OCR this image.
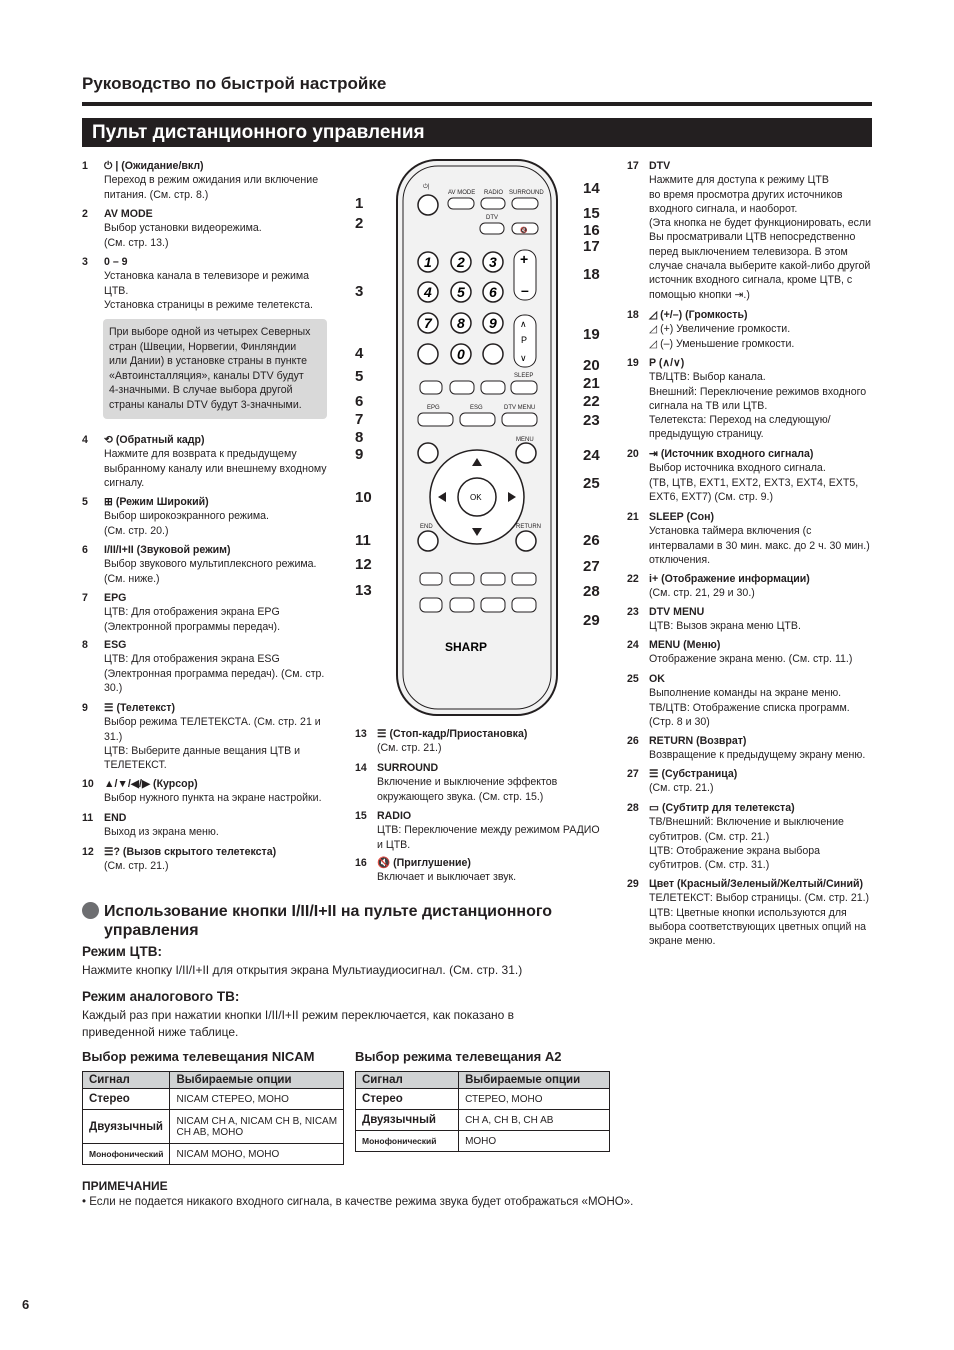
Руководство по быстрой настройке
Пульт дистанционного управления
1 ⏻ | (Ожидание/вкл)
Переход в режим ожидания или включение
питания. (См. стр. 8.)
2 AV MODE
Выбор установки видеорежима.
(См. стр. 13.)
3 0 – 9
Установка канала в телевизоре и режима
ЦТВ.
Установка страницы в режиме телетекста.
4 ⟲ (Обратный кадр)
Нажмите для возврата к предыдущему
выбранному каналу или внешнему входному
сигналу.
5 ⊞ (Режим Широкий)
Выбор широкоэкранного режима.
(См. стр. 20.)
6 I/II/I+II (Звуковой режим)
Выбор звукового мультиплексного режима.
(См. ниже.)
7 EPG
ЦТВ: Для отображения экрана EPG
(Электронной программы передач).
8 ESG
ЦТВ: Для отображения экрана ESG
(Электронная программа передач). (См. стр.
30.)
9 ☰ (Телетекст)
Выбор режима ТЕЛЕТЕКСТА. (См. стр. 21 и
31.)
ЦТВ: Выберите данные вещания ЦТВ и
ТЕЛЕТЕКСТ.
10 ▲/▼/◀/▶ (Курсор)
Выбор нужного пункта на экране настройки.
11 END
Выход из экрана меню.
12 ☰? (Вызов скрытого телетекста)
(См. стр. 21.)
При выборе одной из четырех Северных
стран (Швеции, Норвегии, Финляндии
или Дании) в установке страны в пункте
«Автоинсталляция», каналы DTV будут
4-значными. В случае выбора другой
страны каналы DTV будут 3-значными.
13 ☰ (Стоп-кадр/Приостановка)
(См. стр. 21.)
14 SURROUND
Включение и выключение эффектов
окружающего звука. (См. стр. 15.)
15 RADIO
ЦТВ: Переключение между режимом РАДИО
и ЦТВ.
16 🔇 (Приглушение)
Включает и выключает звук.
17 DTV
Нажмите для доступа к режиму ЦТВ
во время просмотра других источников
входного сигнала, и наоборот.
(Эта кнопка не будет функционировать, если
Вы просматривали ЦТВ непосредственно
перед выключением телевизора. В этом
случае сначала выберите какой-либо другой
источник входного сигнала, кроме ЦТВ, с
помощью кнопки ⇥.)
18 ◿ (+/–) (Громкость)
◿ (+) Увеличение громкости.
◿ (–) Уменьшение громкости.
19 P (∧/∨)
ТВ/ЦТВ: Выбор канала.
Внешний: Переключение режимов входного
сигнала на ТВ или ЦТВ.
Телетекста: Переход на следующую/
предыдущую страницу.
20 ⇥ (Источник входного сигнала)
Выбор источника входного сигнала.
(ТВ, ЦТВ, EXT1, EXT2, EXT3, EXT4, EXT5,
EXT6, EXT7) (См. стр. 9.)
21 SLEEP (Сон)
Установка таймера включения (с
интервалами в 30 мин. макс. до 2 ч. 30 мин.)
отключения.
22 i+ (Отображение информации)
(См. стр. 21, 29 и 30.)
23 DTV MENU
ЦТВ: Вызов экрана меню ЦТВ.
24 MENU (Меню)
Отображение экрана меню. (См. стр. 11.)
25 OK
Выполнение команды на экране меню.
ТВ/ЦТВ: Отображение списка программ.
(Стр. 8 и 30)
26 RETURN (Возврат)
Возвращение к предыдущему экрану меню.
27 ☰ (Субстраница)
(См. стр. 21.)
28 ▭ (Субтитр для телетекста)
ТВ/Внешний: Включение и выключение
субтитров. (См. стр. 21.)
ЦТВ: Отображение экрана выбора
субтитров. (См. стр. 31.)
29 Цвет (Красный/Зеленый/Желтый/Синий)
ТЕЛЕТЕКСТ: Выбор страницы. (См. стр. 21.)
ЦТВ: Цветные кнопки используются для
выбора соответствующих цветных опций на
экране меню.
⏻|
AV MODE RADIO SURROUND
DTV
🔇
1 2 3
4 5 6
7 8 9
0
+
–
∧
P
∨
SLEEP
EPG	ESG	DTV MENU
MENU
OK
END	RETURN
SHARP
1
2
3
4
5
6
7
8
9
10
11
12
13
14
15
16
17
18
19
20
21
22
23
24
25
26
27
28
29
Использование кнопки I/II/I+II на пульте дистанционного
управления
Режим ЦТВ:
Нажмите кнопку I/II/I+II для открытия экрана Мультиаудиосигнал. (См. стр. 31.)
Режим аналогового ТВ:
Каждый раз при нажатии кнопки I/II/I+II режим переключается, как показано в
приведенной ниже таблице.
Выбор режима телевещания NICAM
Сигнал	Выбираемые опции
Стерео	NICAM СТЕРЕО, МОНО
Двуязычный	NICAM CH A, NICAM CH B, NICAM
CH AB, МОНО
Монофонический	NICAM МОНО, МОНО
Выбор режима телевещания A2
Сигнал	Выбираемые опции
Стерео	СТЕРЕО, МОНО
Двуязычный	CH A, CH B, CH AB
Монофонический	МОНО
ПРИМЕЧАНИЕ
• Если не подается никакого входного сигнала, в качестве режима звука будет отображаться «МОНО».
6
